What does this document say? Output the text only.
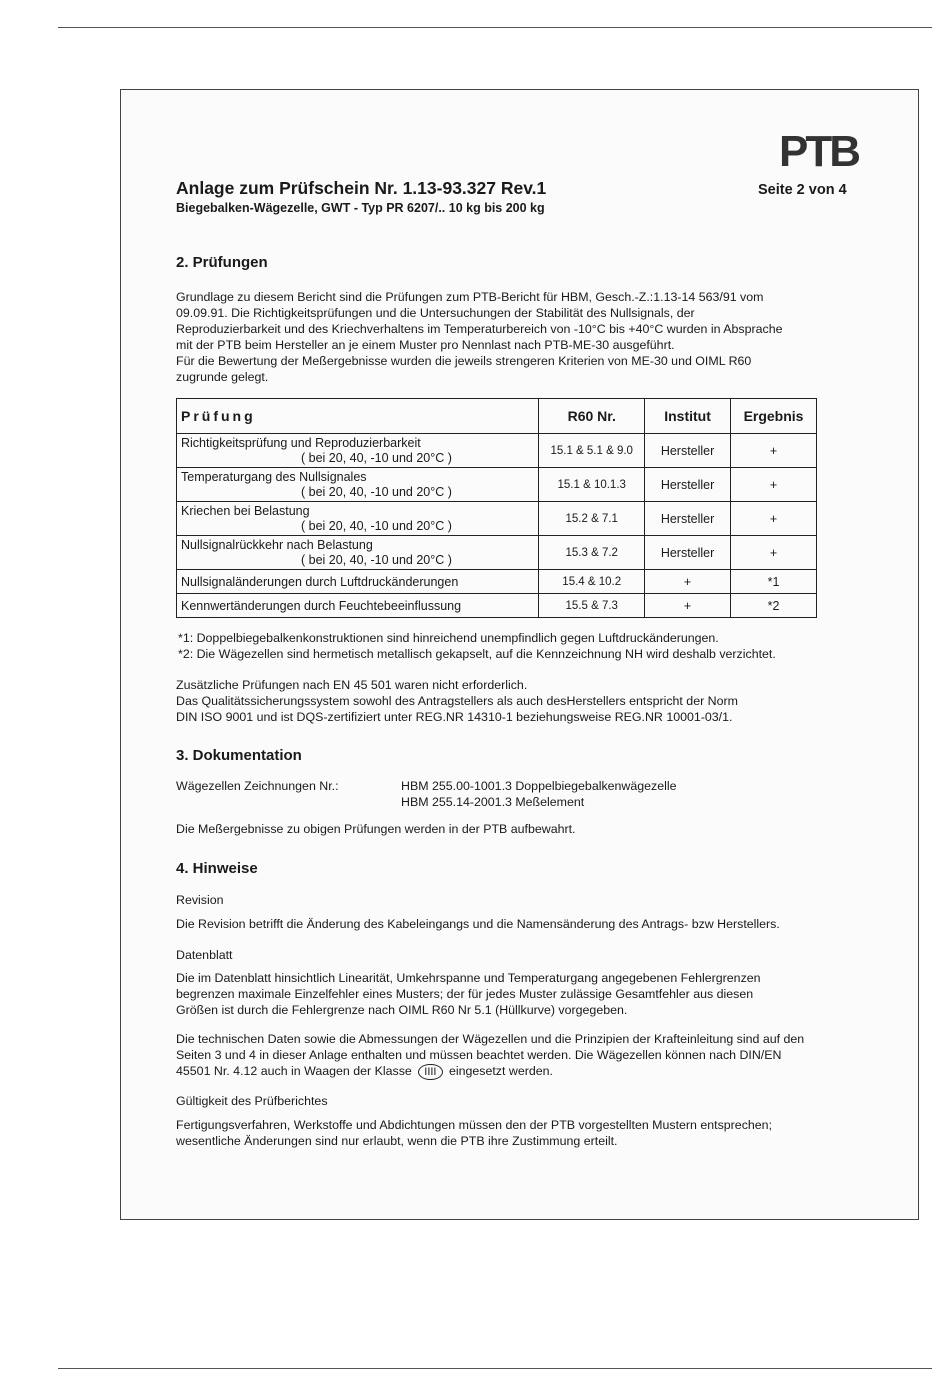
PTB
Anlage zum Prüfschein Nr. 1.13-93.327 Rev.1	Seite 2 von 4
Biegebalken-Wägezelle, GWT - Typ PR 6207/.. 10 kg bis 200 kg
2. Prüfungen
Grundlage zu diesem Bericht sind die Prüfungen zum PTB-Bericht für HBM, Gesch.-Z.:1.13-14 563/91 vom
09.09.91. Die Richtigkeitsprüfungen und die Untersuchungen der Stabilität des Nullsignals, der
Reproduzierbarkeit und des Kriechverhaltens im Temperaturbereich von -10°C bis +40°C wurden in Absprache
mit der PTB beim Hersteller an je einem Muster pro Nennlast nach PTB-ME-30 ausgeführt.
Für die Bewertung der Meßergebnisse wurden die jeweils strengeren Kriterien von ME-30 und OIML R60
zugrunde gelegt.
Prüfung	R60 Nr.	Institut	Ergebnis

Richtigkeitsprüfung und Reproduzierbarkeit
( bei 20, 40, -10 und 20°C )	15.1 & 5.1 & 9.0	Hersteller	+

Temperaturgang des Nullsignales
( bei 20, 40, -10 und 20°C )	15.1 & 10.1.3	Hersteller	+

Kriechen bei Belastung
( bei 20, 40, -10 und 20°C )	15.2 & 7.1	Hersteller	+

Nullsignalrückkehr nach Belastung
( bei 20, 40, -10 und 20°C )	15.3 & 7.2	Hersteller	+
Nullsignaländerungen durch Luftdruckänderungen	15.4 & 10.2	+	*1
Kennwertänderungen durch Feuchtebeeinflussung	15.5 & 7.3	+	*2
*1: Doppelbiegebalkenkonstruktionen sind hinreichend unempfindlich gegen Luftdruckänderungen.
*2: Die Wägezellen sind hermetisch metallisch gekapselt, auf die Kennzeichnung NH wird deshalb verzichtet.
Zusätzliche Prüfungen nach EN 45 501 waren nicht erforderlich.
Das Qualitätssicherungssystem sowohl des Antragstellers als auch desHerstellers entspricht der Norm
DIN ISO 9001 und ist DQS-zertifiziert unter REG.NR 14310-1 beziehungsweise REG.NR 10001-03/1.
3. Dokumentation
Wägezellen Zeichnungen Nr.:	HBM 255.00-1001.3 Doppelbiegebalkenwägezelle
HBM 255.14-2001.3 Meßelement
Die Meßergebnisse zu obigen Prüfungen werden in der PTB aufbewahrt.
4. Hinweise
Revision
Die Revision betrifft die Änderung des Kabeleingangs und die Namensänderung des Antrags- bzw Herstellers.
Datenblatt
Die im Datenblatt hinsichtlich Linearität, Umkehrspanne und Temperaturgang angegebenen Fehlergrenzen
begrenzen maximale Einzelfehler eines Musters; der für jedes Muster zulässige Gesamtfehler aus diesen
Größen ist durch die Fehlergrenze nach OIML R60 Nr 5.1 (Hüllkurve) vorgegeben.
Die technischen Daten sowie die Abmessungen der Wägezellen und die Prinzipien der Krafteinleitung sind auf den
Seiten 3 und 4 in dieser Anlage enthalten und müssen beachtet werden. Die Wägezellen können nach DIN/EN
45501 Nr. 4.12 auch in Waagen der Klasse IIII eingesetzt werden.
Gültigkeit des Prüfberichtes
Fertigungsverfahren, Werkstoffe und Abdichtungen müssen den der PTB vorgestellten Mustern entsprechen;
wesentliche Änderungen sind nur erlaubt, wenn die PTB ihre Zustimmung erteilt.
